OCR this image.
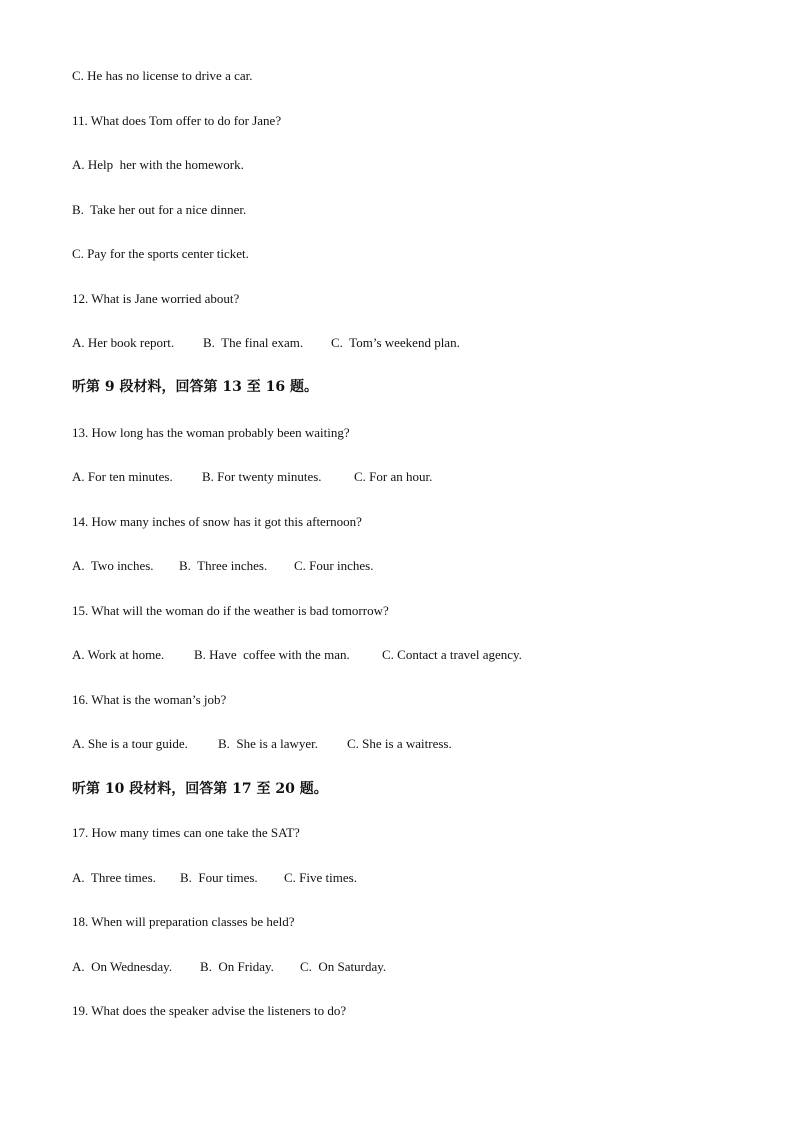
C. He has no license to drive a car.
11. What does Tom offer to do for Jane?
A. Help  her with the homework.
B.  Take her out for a nice dinner.
C. Pay for the sports center ticket.
12. What is Jane worried about?
A. Her book report. B.  The final exam. C.  Tom’s weekend plan.
听第 9 段材料，回答第 13 至 16 题。
13. How long has the woman probably been waiting?
A. For ten minutes. B. For twenty minutes. C. For an hour.
14. How many inches of snow has it got this afternoon?
A.  Two inches. B.  Three inches. C. Four inches.
15. What will the woman do if the weather is bad tomorrow?
A. Work at home. B. Have  coffee with the man. C. Contact a travel agency.
16. What is the woman’s job?
A. She is a tour guide. B.  She is a lawyer. C. She is a waitress.
听第 10 段材料，回答第 17 至 20 题。
17. How many times can one take the SAT?
A.  Three times. B.  Four times. C. Five times.
18. When will preparation classes be held?
A.  On Wednesday. B.  On Friday. C.  On Saturday.
19. What does the speaker advise the listeners to do?
